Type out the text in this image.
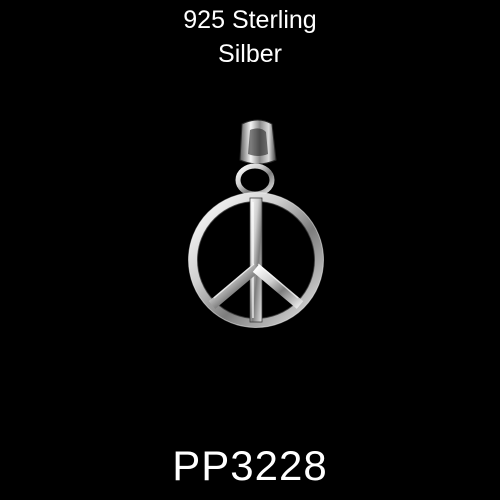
925 Sterling
Silber
PP3228
